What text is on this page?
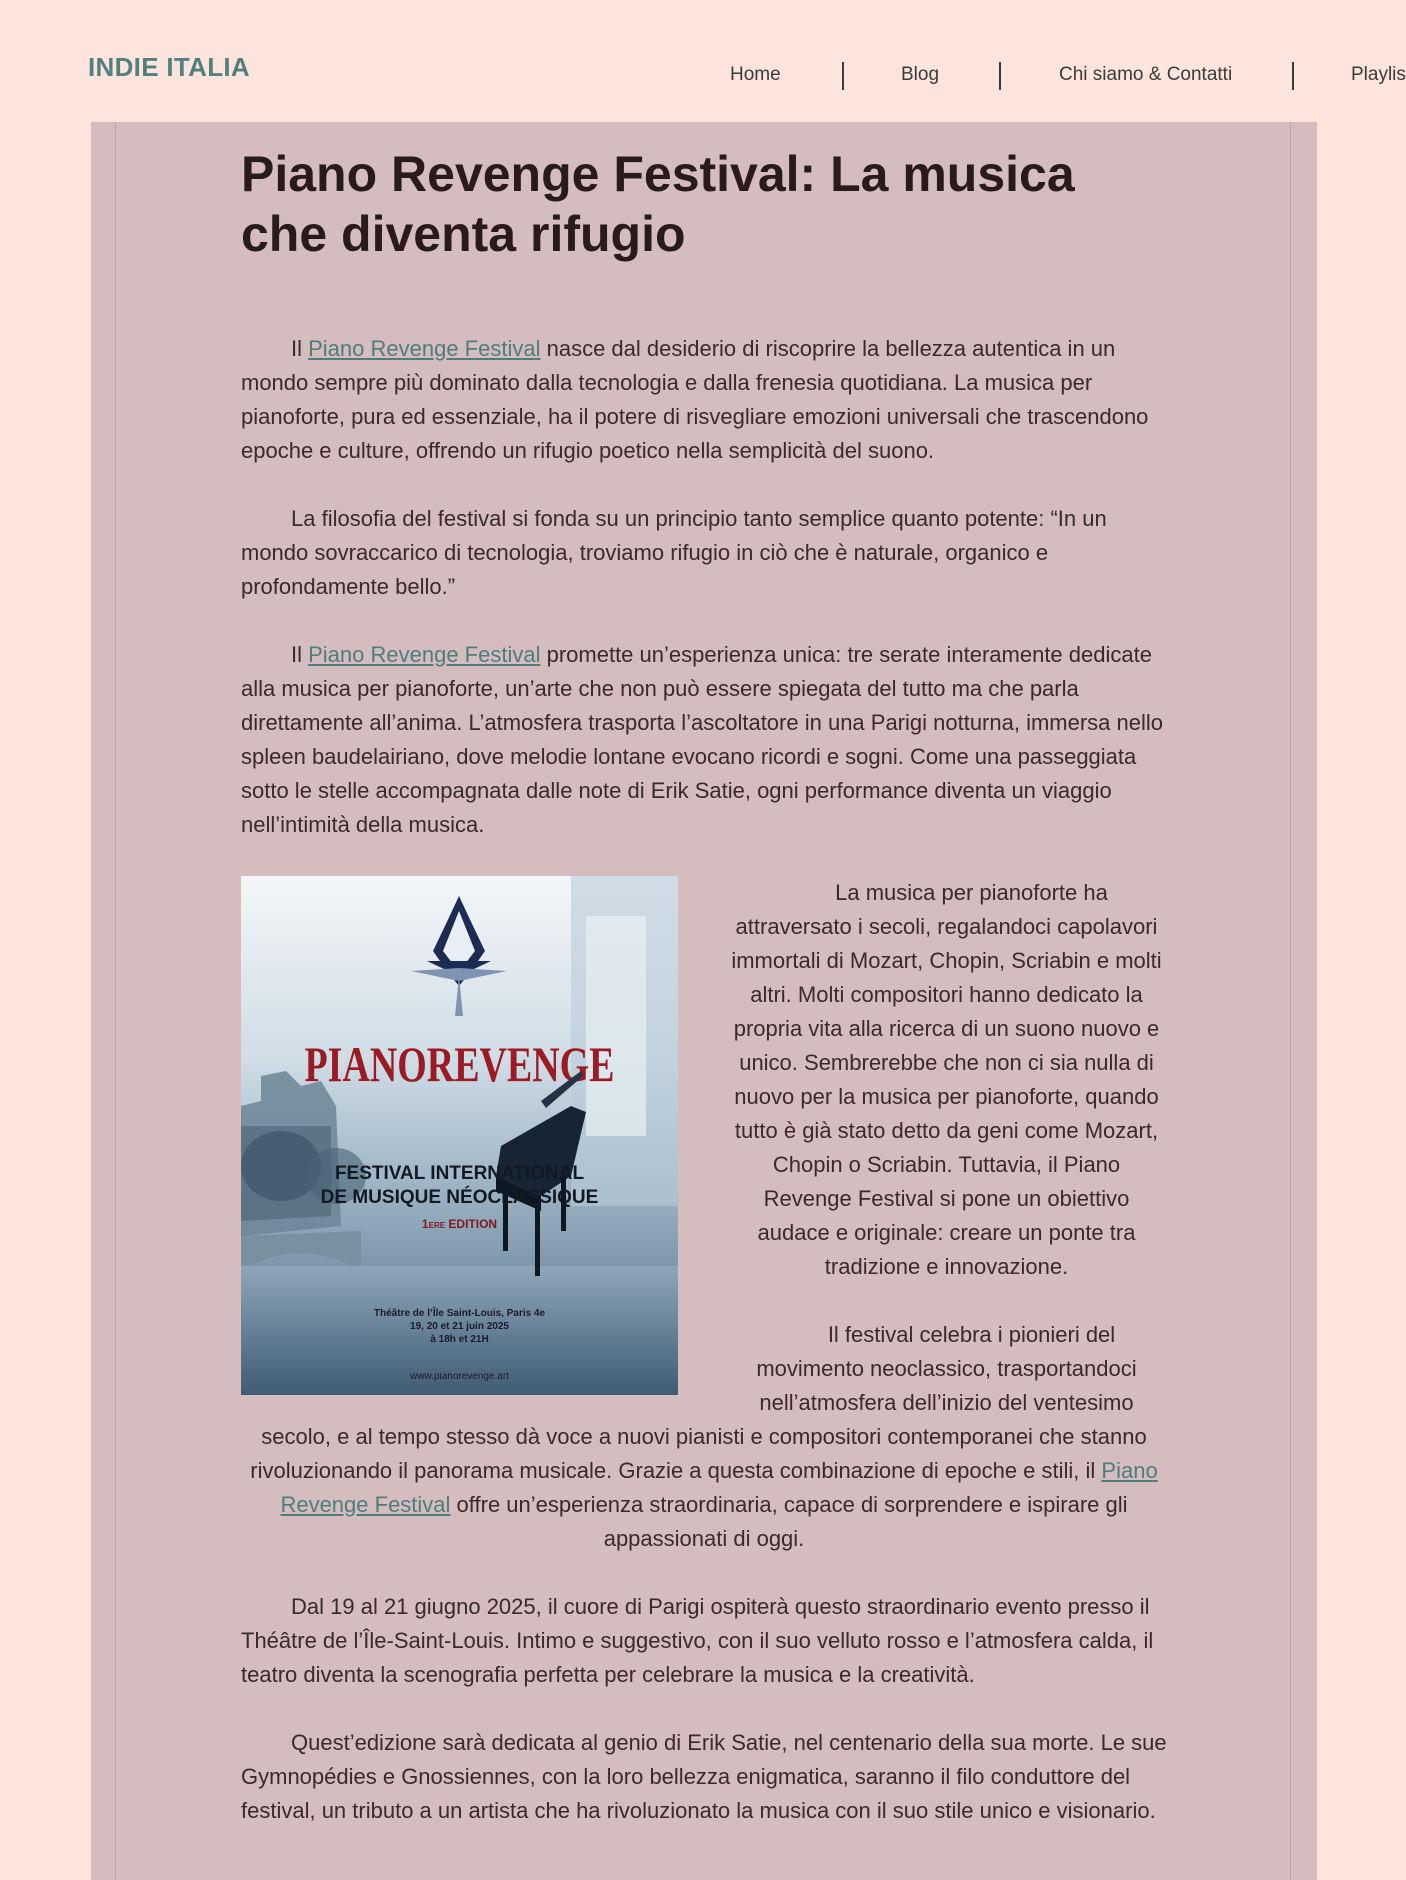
INDIE ITALIA	Home	Blog	Chi siamo & Contatti	Playlis
Piano Revenge Festival: La musica che diventa rifugio

Il Piano Revenge Festival nasce dal desiderio di riscoprire la bellezza autentica in un mondo sempre più dominato dalla tecnologia e dalla frenesia quotidiana. La musica per pianoforte, pura ed essenziale, ha il potere di risvegliare emozioni universali che trascendono epoche e culture, offrendo un rifugio poetico nella semplicità del suono.

La filosofia del festival si fonda su un principio tanto semplice quanto potente: “In un mondo sovraccarico di tecnologia, troviamo rifugio in ciò che è naturale, organico e profondamente bello.”

Il Piano Revenge Festival promette un’esperienza unica: tre serate interamente dedicate alla musica per pianoforte, un’arte che non può essere spiegata del tutto ma che parla direttamente all’anima. L’atmosfera trasporta l’ascoltatore in una Parigi notturna, immersa nello spleen baudelairiano, dove melodie lontane evocano ricordi e sogni. Come una passeggiata sotto le stelle accompagnata dalle note di Erik Satie, ogni performance diventa un viaggio nell’intimità della musica.

PIANOREVENGE
FESTIVAL INTERNATIONAL
DE MUSIQUE NÉOCLASSIQUE
1ERE EDITION
Théâtre de l’Île Saint-Louis, Paris 4e
19, 20 et 21 juin 2025
à 18h et 21H
www.pianorevenge.art

La musica per pianoforte ha attraversato i secoli, regalandoci capolavori immortali di Mozart, Chopin, Scriabin e molti altri. Molti compositori hanno dedicato la propria vita alla ricerca di un suono nuovo e unico. Sembrerebbe che non ci sia nulla di nuovo per la musica per pianoforte, quando tutto è già stato detto da geni come Mozart, Chopin o Scriabin. Tuttavia, il Piano Revenge Festival si pone un obiettivo audace e originale: creare un ponte tra tradizione e innovazione.

Il festival celebra i pionieri del movimento neoclassico, trasportandoci nell’atmosfera dell’inizio del ventesimo secolo, e al tempo stesso dà voce a nuovi pianisti e compositori contemporanei che stanno rivoluzionando il panorama musicale. Grazie a questa combinazione di epoche e stili, il Piano Revenge Festival offre un’esperienza straordinaria, capace di sorprendere e ispirare gli appassionati di oggi.

Dal 19 al 21 giugno 2025, il cuore di Parigi ospiterà questo straordinario evento presso il Théâtre de l’Île-Saint-Louis. Intimo e suggestivo, con il suo velluto rosso e l’atmosfera calda, il teatro diventa la scenografia perfetta per celebrare la musica e la creatività.

Quest’edizione sarà dedicata al genio di Erik Satie, nel centenario della sua morte. Le sue Gymnopédies e Gnossiennes, con la loro bellezza enigmatica, saranno il filo conduttore del festival, un tributo a un artista che ha rivoluzionato la musica con il suo stile unico e visionario.
